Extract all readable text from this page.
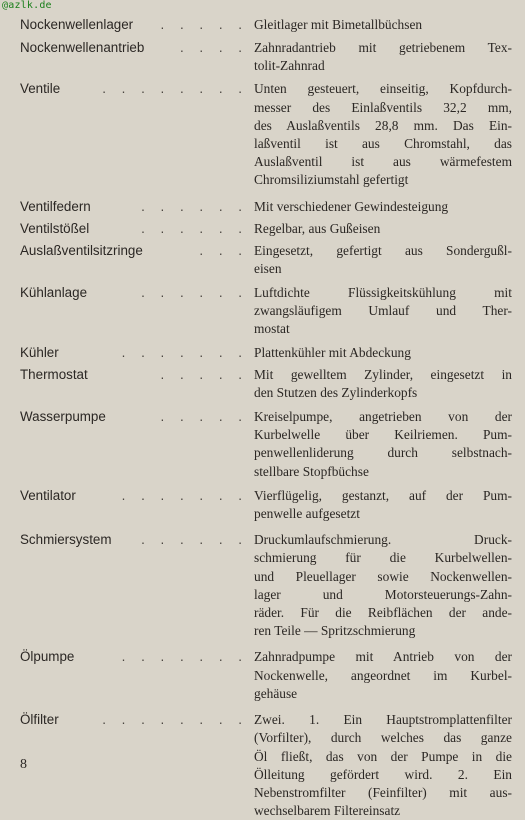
@azlk.de
Nockenwellenlager	. . . . . Gleitlager mit Bimetallbüchsen
Nockenwellenantrieb	. . . . Zahnradantrieb mit getriebenem Tex-
tolit-Zahnrad
Ventile	. . . . . . . . Unten gesteuert, einseitig, Kopfdurch-
messer des Einlaßventils 32,2 mm,
des Auslaßventils 28,8 mm. Das Ein-
laßventil ist aus Chromstahl, das
Auslaßventil ist aus wärmefestem
Chromsiliziumstahl gefertigt
Ventilfedern	. . . . . . Mit verschiedener Gewindesteigung
Ventilstößel	. . . . . . Regelbar, aus Gußeisen
Auslaßventilsitzringe	. . . Eingesetzt, gefertigt aus Sondergußl-
eisen
Kühlanlage	. . . . . . Luftdichte Flüssigkeitskühlung mit
zwangsläufigem Umlauf und Ther-
mostat
Kühler	. . . . . . . Plattenkühler mit Abdeckung
Thermostat	. . . . . Mit gewelltem Zylinder, eingesetzt in
den Stutzen des Zylinderkopfs
Wasserpumpe	. . . . . Kreiselpumpe, angetrieben von der
Kurbelwelle über Keilriemen. Pum-
penwellenliderung durch selbstnach-
stellbare Stopfbüchse
Ventilator	. . . . . . . Vierflügelig, gestanzt, auf der Pum-
penwelle aufgesetzt
Schmiersystem	. . . . . . Druckumlaufschmierung. Druck-
schmierung für die Kurbelwellen-
und Pleuellager sowie Nockenwellen-
lager und Motorsteuerungs-Zahn-
räder. Für die Reibflächen der ande-
ren Teile — Spritzschmierung
Ölpumpe	. . . . . . . Zahnradpumpe mit Antrieb von der
Nockenwelle, angeordnet im Kurbel-
gehäuse
Ölfilter	. . . . . . . . Zwei. 1. Ein Hauptstromplattenfilter
(Vorfilter), durch welches das ganze
Öl fließt, das von der Pumpe in die
Ölleitung gefördert wird. 2. Ein
Nebenstromfilter (Feinfilter) mit aus-
wechselbarem Filtereinsatz
8
